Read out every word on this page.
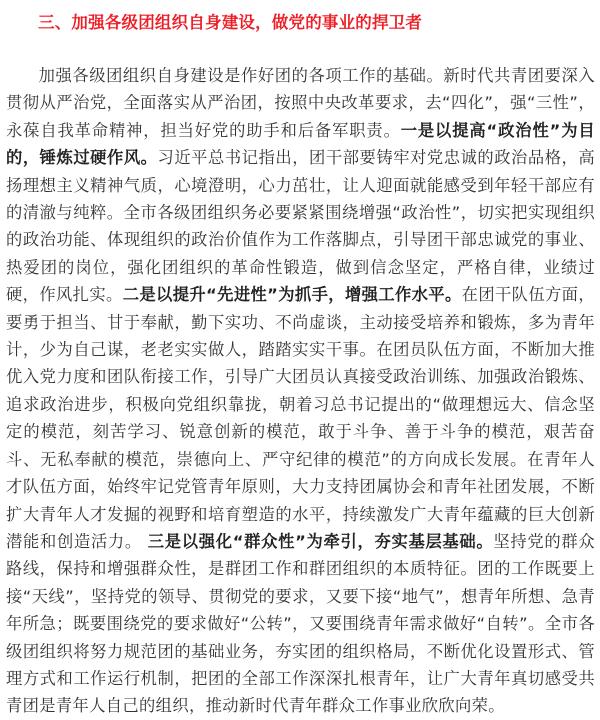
三、加强各级团组织自身建设，做党的事业的捍卫者

加强各级团组织自身建设是作好团的各项工作的基础。新时代共青团要深入贯彻从严治党，全面落实从严治团，按照中央改革要求，去“四化”，强“三性”，永葆自我革命精神，担当好党的助手和后备军职责。一是以提高“政治性”为目的，锤炼过硬作风。习近平总书记指出，团干部要铸牢对党忠诚的政治品格，高扬理想主义精神气质，心境澄明，心力茁壮，让人迎面就能感受到年轻干部应有的清澈与纯粹。全市各级团组织务必要紧紧围绕增强“政治性”，切实把实现组织的政治功能、体现组织的政治价值作为工作落脚点，引导团干部忠诚党的事业、热爱团的岗位，强化团组织的革命性锻造，做到信念坚定，严格自律，业绩过硬，作风扎实。二是以提升“先进性”为抓手，增强工作水平。在团干队伍方面，要勇于担当、甘于奉献，勤下实功、不尚虚谈，主动接受培养和锻炼，多为青年计，少为自己谋，老老实实做人，踏踏实实干事。在团员队伍方面，不断加大推优入党力度和团队衔接工作，引导广大团员认真接受政治训练、加强政治锻炼、追求政治进步，积极向党组织靠拢，朝着习总书记提出的“做理想远大、信念坚定的模范，刻苦学习、锐意创新的模范，敢于斗争、善于斗争的模范，艰苦奋斗、无私奉献的模范，崇德向上、严守纪律的模范”的方向成长发展。在青年人才队伍方面，始终牢记党管青年原则，大力支持团属协会和青年社团发展，不断扩大青年人才发掘的视野和培育塑造的水平，持续激发广大青年蕴藏的巨大创新潜能和创造活力。 三是以强化“群众性”为牵引，夯实基层基础。坚持党的群众路线，保持和增强群众性，是群团工作和群团组织的本质特征。团的工作既要上接“天线”，坚持党的领导、贯彻党的要求，又要下接“地气”，想青年所想、急青年所急；既要围绕党的要求做好“公转”，又要围绕青年需求做好“自转”。全市各级团组织将努力规范团的基础业务，夯实团的组织格局，不断优化设置形式、管理方式和工作运行机制，把团的全部工作深深扎根青年，让广大青年真切感受共青团是青年人自己的组织，推动新时代青年群众工作事业欣欣向荣。
